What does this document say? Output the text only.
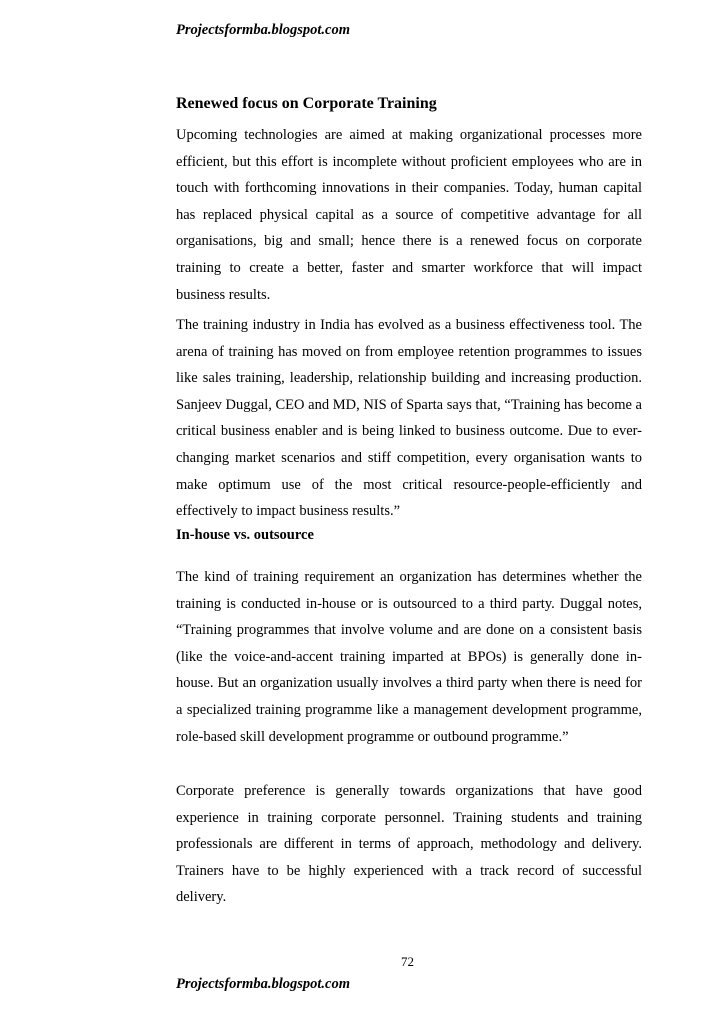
Projectsformba.blogspot.com
Renewed focus on Corporate Training

Upcoming technologies are aimed at making organizational processes more efficient, but this effort is incomplete without proficient employees who are in touch with forthcoming innovations in their companies. Today, human capital has replaced physical capital as a source of competitive advantage for all organisations, big and small; hence there is a renewed focus on corporate training to create a better, faster and smarter workforce that will impact business results.

The training industry in India has evolved as a business effectiveness tool. The arena of training has moved on from employee retention programmes to issues like sales training, leadership, relationship building and increasing production. Sanjeev Duggal, CEO and MD, NIS of Sparta says that, “Training has become a critical business enabler and is being linked to business outcome. Due to ever-changing market scenarios and stiff competition, every organisation wants to make optimum use of the most critical resource-people-efficiently and effectively to impact business results.”

In-house vs. outsource

The kind of training requirement an organization has determines whether the training is conducted in-house or is outsourced to a third party. Duggal notes, “Training programmes that involve volume and are done on a consistent basis (like the voice-and-accent training imparted at BPOs) is generally done in-house. But an organization usually involves a third party when there is need for a specialized training programme like a management development programme, role-based skill development programme or outbound programme.”

Corporate preference is generally towards organizations that have good experience in training corporate personnel. Training students and training professionals are different in terms of approach, methodology and delivery. Trainers have to be highly experienced with a track record of successful delivery.

72
Projectsformba.blogspot.com
